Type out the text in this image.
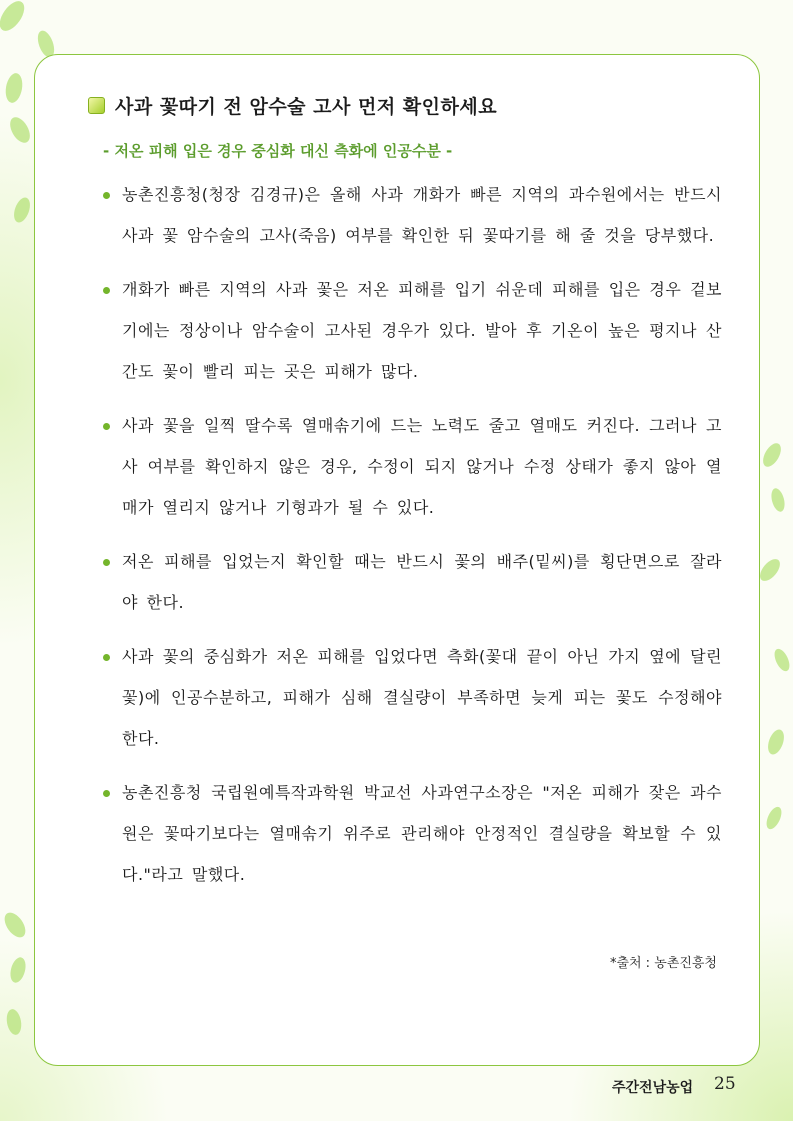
사과 꽃따기 전 암수술 고사 먼저 확인하세요

- 저온 피해 입은 경우 중심화 대신 측화에 인공수분 -

농촌진흥청(청장 김경규)은 올해 사과 개화가 빠른 지역의 과수원에서는 반드시 사과 꽃 암수술의 고사(죽음) 여부를 확인한 뒤 꽃따기를 해 줄 것을 당부했다.

개화가 빠른 지역의 사과 꽃은 저온 피해를 입기 쉬운데 피해를 입은 경우 겉보기에는 정상이나 암수술이 고사된 경우가 있다. 발아 후 기온이 높은 평지나 산간도 꽃이 빨리 피는 곳은 피해가 많다.

사과 꽃을 일찍 딸수록 열매솎기에 드는 노력도 줄고 열매도 커진다. 그러나 고사 여부를 확인하지 않은 경우, 수정이 되지 않거나 수정 상태가 좋지 않아 열매가 열리지 않거나 기형과가 될 수 있다.

저온 피해를 입었는지 확인할 때는 반드시 꽃의 배주(밑씨)를 횡단면으로 잘라야 한다.

사과 꽃의 중심화가 저온 피해를 입었다면 측화(꽃대 끝이 아닌 가지 옆에 달린 꽃)에 인공수분하고, 피해가 심해 결실량이 부족하면 늦게 피는 꽃도 수정해야 한다.

농촌진흥청 국립원예특작과학원 박교선 사과연구소장은 "저온 피해가 잦은 과수원은 꽃따기보다는 열매솎기 위주로 관리해야 안정적인 결실량을 확보할 수 있다."라고 말했다.

*출처 : 농촌진흥청

주간전남농업 25
